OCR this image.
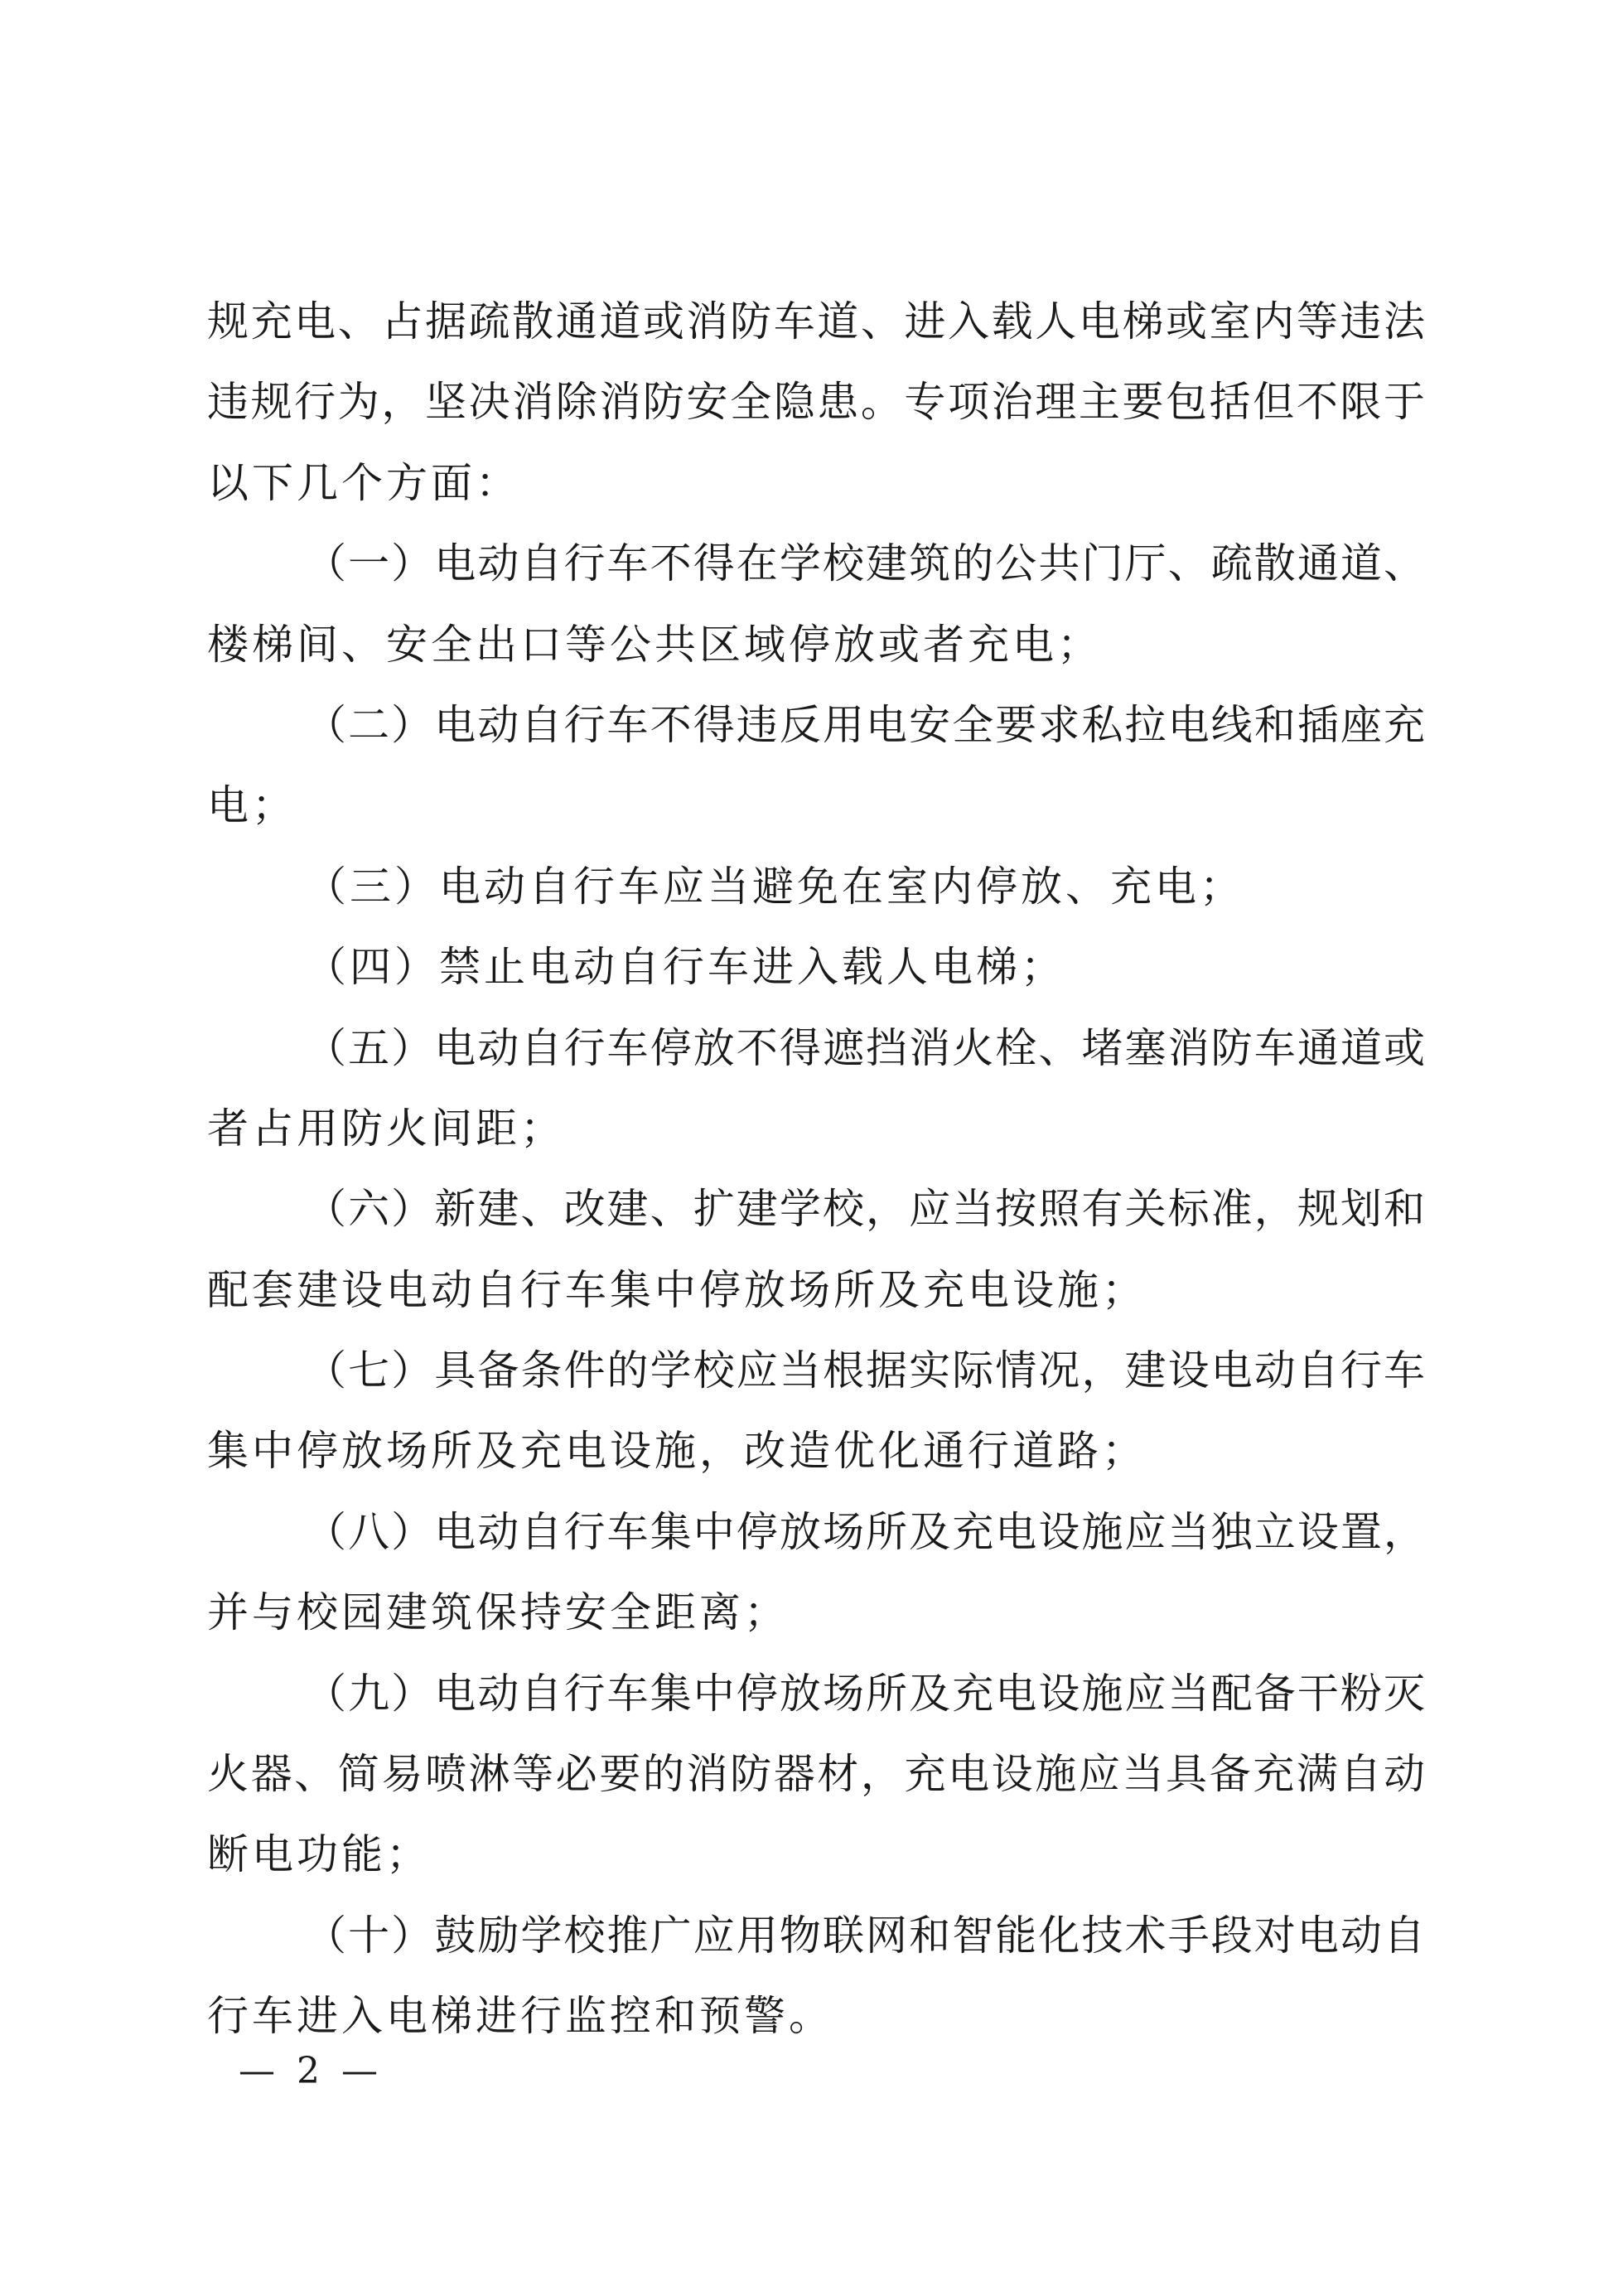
规充电、占据疏散通道或消防车道、进入载人电梯或室内等违法
违规行为，坚决消除消防安全隐患。专项治理主要包括但不限于
以下几个方面：
（一）电动自行车不得在学校建筑的公共门厅、疏散通道、
楼梯间、安全出口等公共区域停放或者充电；
（二）电动自行车不得违反用电安全要求私拉电线和插座充
电；
（三）电动自行车应当避免在室内停放、充电；
（四）禁止电动自行车进入载人电梯；
（五）电动自行车停放不得遮挡消火栓、堵塞消防车通道或
者占用防火间距；
（六）新建、改建、扩建学校，应当按照有关标准，规划和
配套建设电动自行车集中停放场所及充电设施；
（七）具备条件的学校应当根据实际情况，建设电动自行车
集中停放场所及充电设施，改造优化通行道路；
（八）电动自行车集中停放场所及充电设施应当独立设置，
并与校园建筑保持安全距离；
（九）电动自行车集中停放场所及充电设施应当配备干粉灭
火器、简易喷淋等必要的消防器材，充电设施应当具备充满自动
断电功能；
（十）鼓励学校推广应用物联网和智能化技术手段对电动自
行车进入电梯进行监控和预警。
— 2 —
